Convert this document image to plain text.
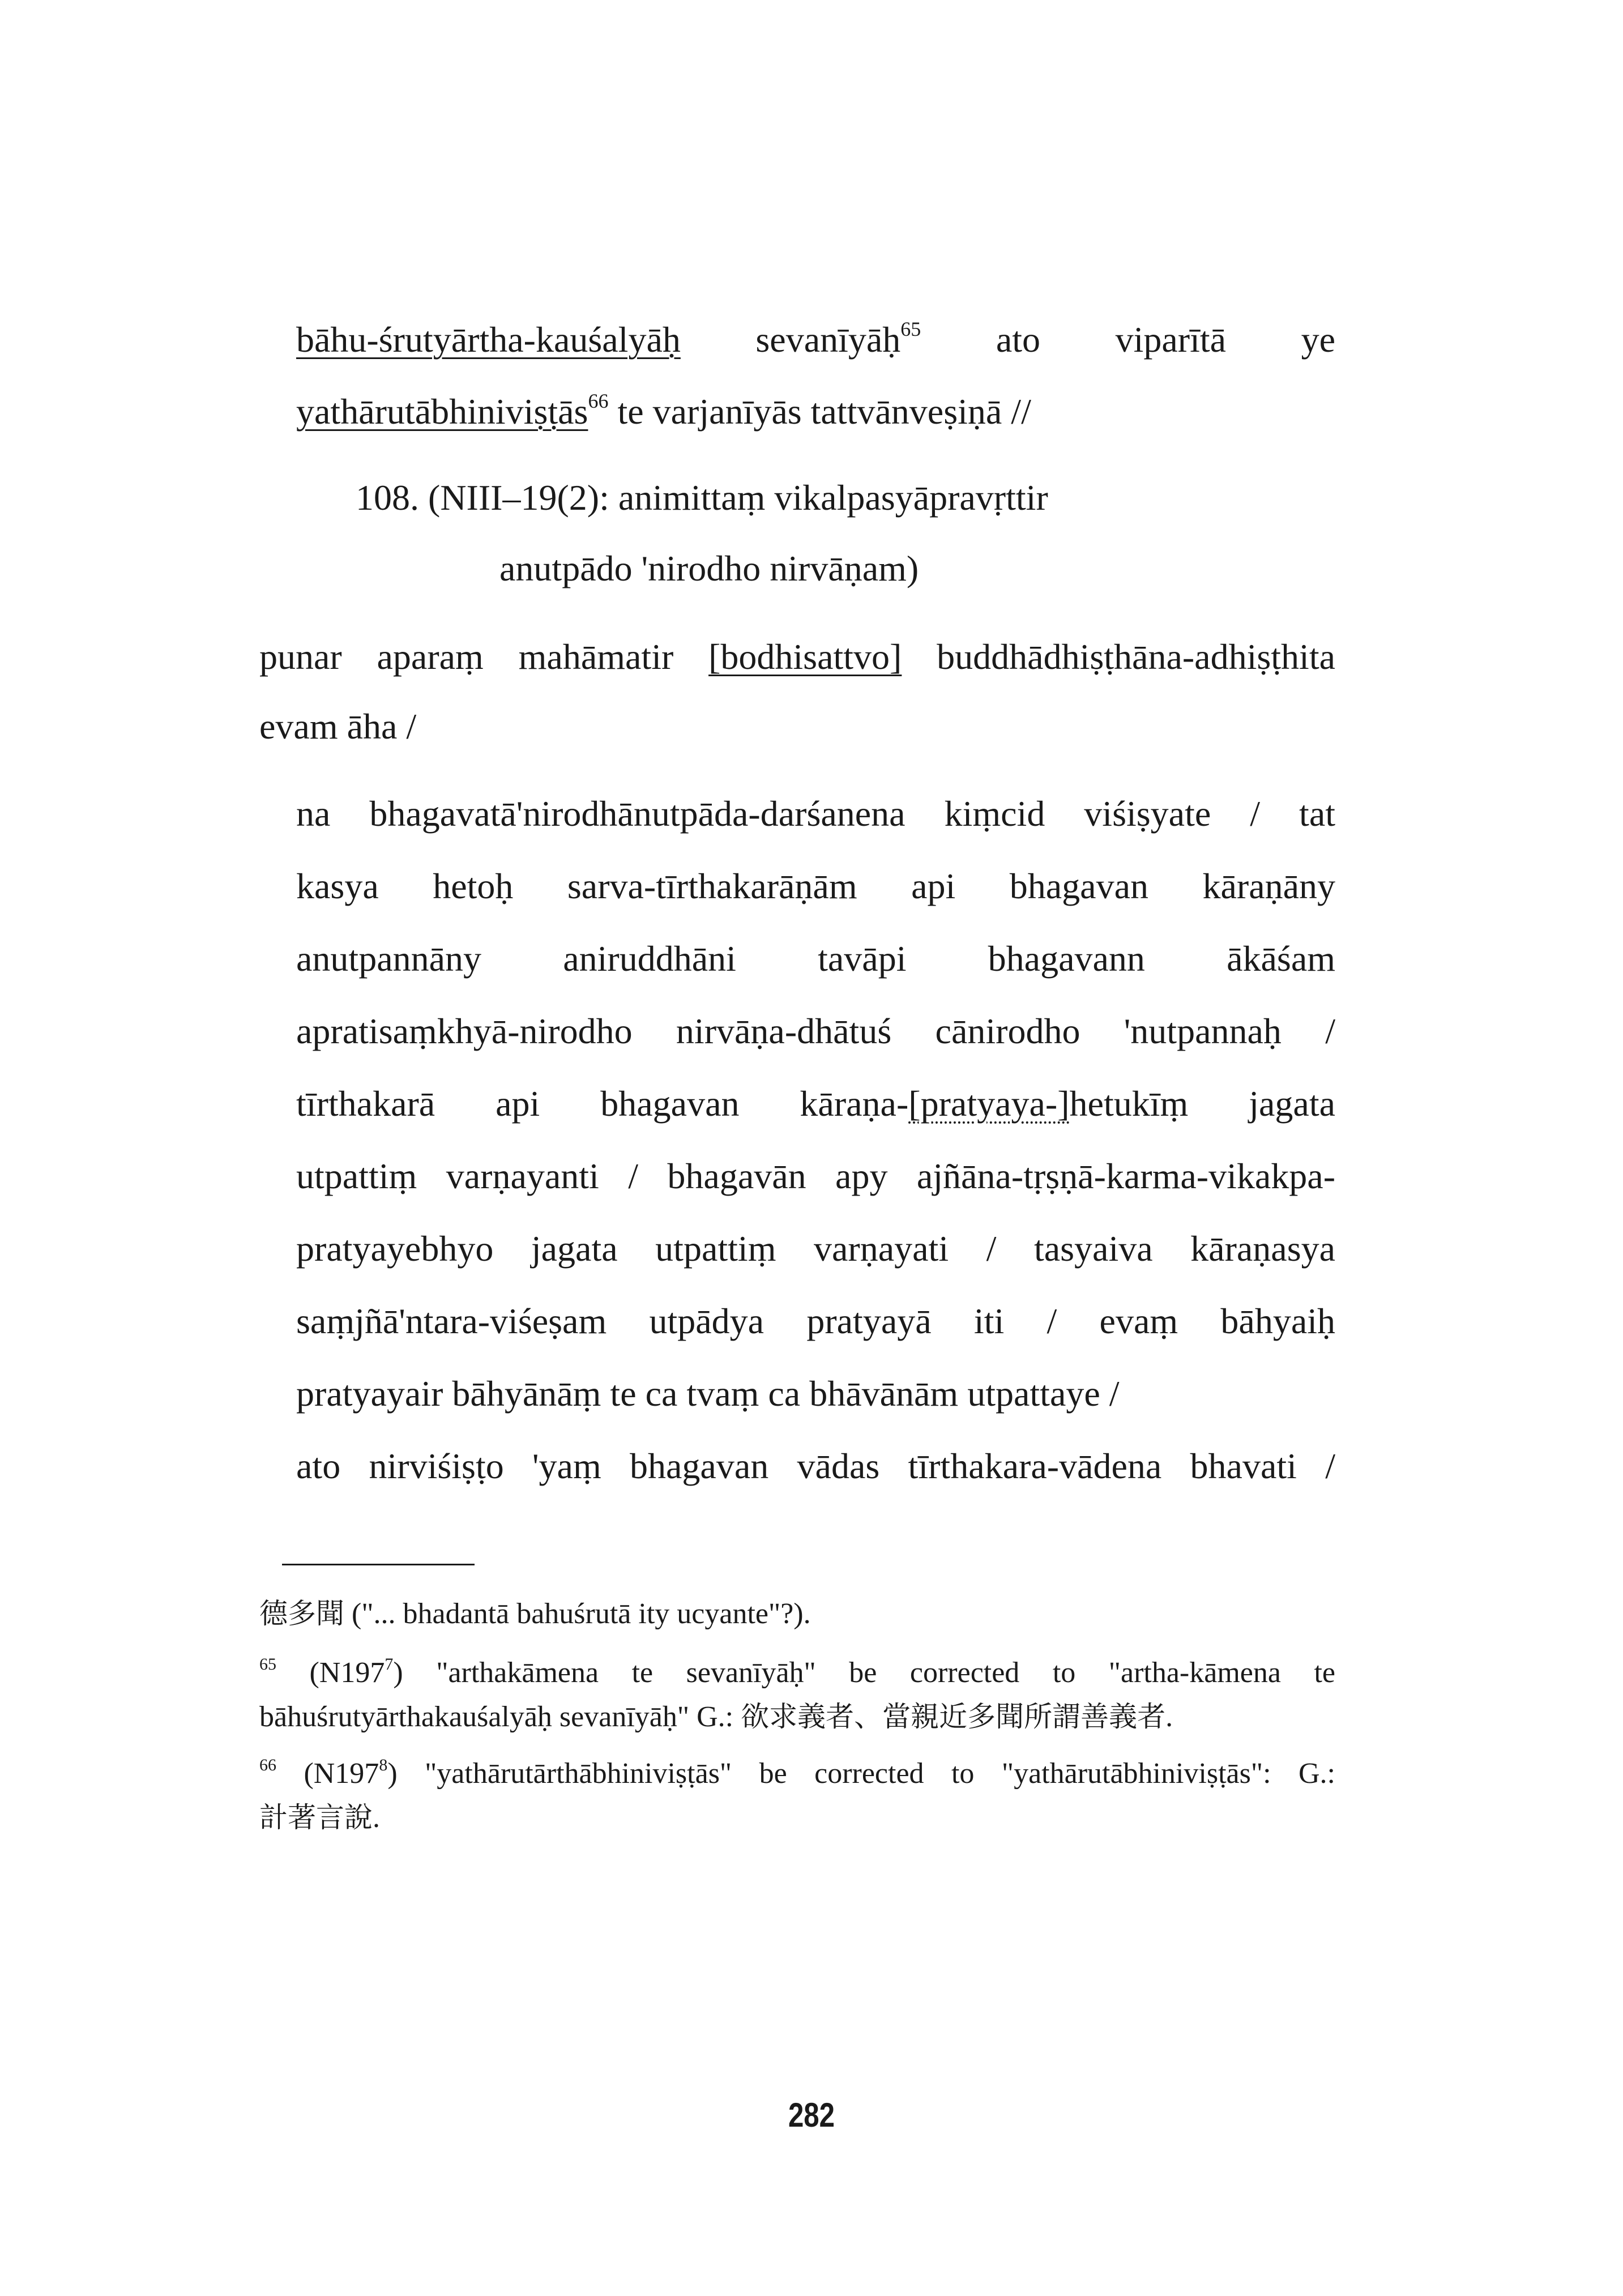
bāhu-śrutyārtha-kauśalyāḥ sevanīyāḥ$^{65}$ ato viparītā ye
yathārutābhiniviṣṭās$^{66}$ te varjanīyās tattvānveṣiṇā //
108. (NIII–19(2): animittaṃ vikalpasyāpravṛttir
anutpādo 'nirodho nirvāṇam)
punar aparaṃ mahāmatir [bodhisattvo] buddhādhiṣṭhāna-adhiṣṭhita
evam āha /
na bhagavatā'nirodhānutpāda-darśanena kiṃcid viśiṣyate / tat
kasya hetoḥ sarva-tīrthakarāṇām api bhagavan kāraṇāny
anutpannāny aniruddhāni tavāpi bhagavann ākāśam
apratisaṃkhyā-nirodho nirvāṇa-dhātuś cānirodho 'nutpannaḥ /
tīrthakarā api bhagavan kāraṇa-[pratyaya-]hetukīṃ jagata
utpattiṃ varṇayanti / bhagavān apy ajñāna-tṛṣṇā-karma-vikakpa-
pratyayebhyo jagata utpattiṃ varṇayati / tasyaiva kāraṇasya
saṃjñā'ntara-viśeṣam utpādya pratyayā iti / evaṃ bāhyaiḥ
pratyayair bāhyānāṃ te ca tvaṃ ca bhāvānām utpattaye /
ato nirviśiṣṭo 'yaṃ bhagavan vādas tīrthakara-vādena bhavati /
德多聞 ("... bhadantā bahuśrutā ity ucyante"?).
$^{65}$ $(N197^7)$ "arthakāmena te sevanīyāḥ" be corrected to "artha-kāmena te
bāhuśrutyārthakauśalyāḥ sevanīyāḥ" G.: 欲求義者、當親近多聞所謂善義者.
$^{66}$ $(N197^8)$ "yathārutārthābhiniviṣṭās" be corrected to "yathārutābhiniviṣṭās": G.:
計著言說.
282
